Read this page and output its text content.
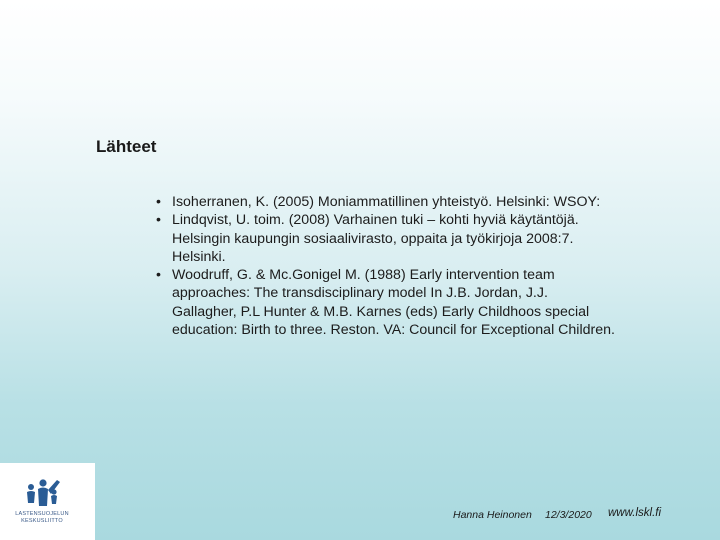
Lähteet
• Isoherranen, K. (2005) Moniammatillinen yhteistyö. Helsinki: WSOY:
• Lindqvist, U. toim. (2008) Varhainen tuki – kohti hyviä käytäntöjä.
Helsingin kaupungin sosiaalivirasto, oppaita ja työkirjoja 2008:7.
Helsinki.
• Woodruff, G. & Mc.Gonigel M. (1988) Early intervention team
approaches: The transdisciplinary model In J.B. Jordan, J.J.
Gallagher, P.L Hunter & M.B. Karnes (eds) Early Childhoos special
education: Birth to three. Reston. VA: Council for Exceptional Children.
LASTENSUOJELUN
KESKUSLIITTO	Hanna Heinonen 12/3/2020 www.lskl.fi
